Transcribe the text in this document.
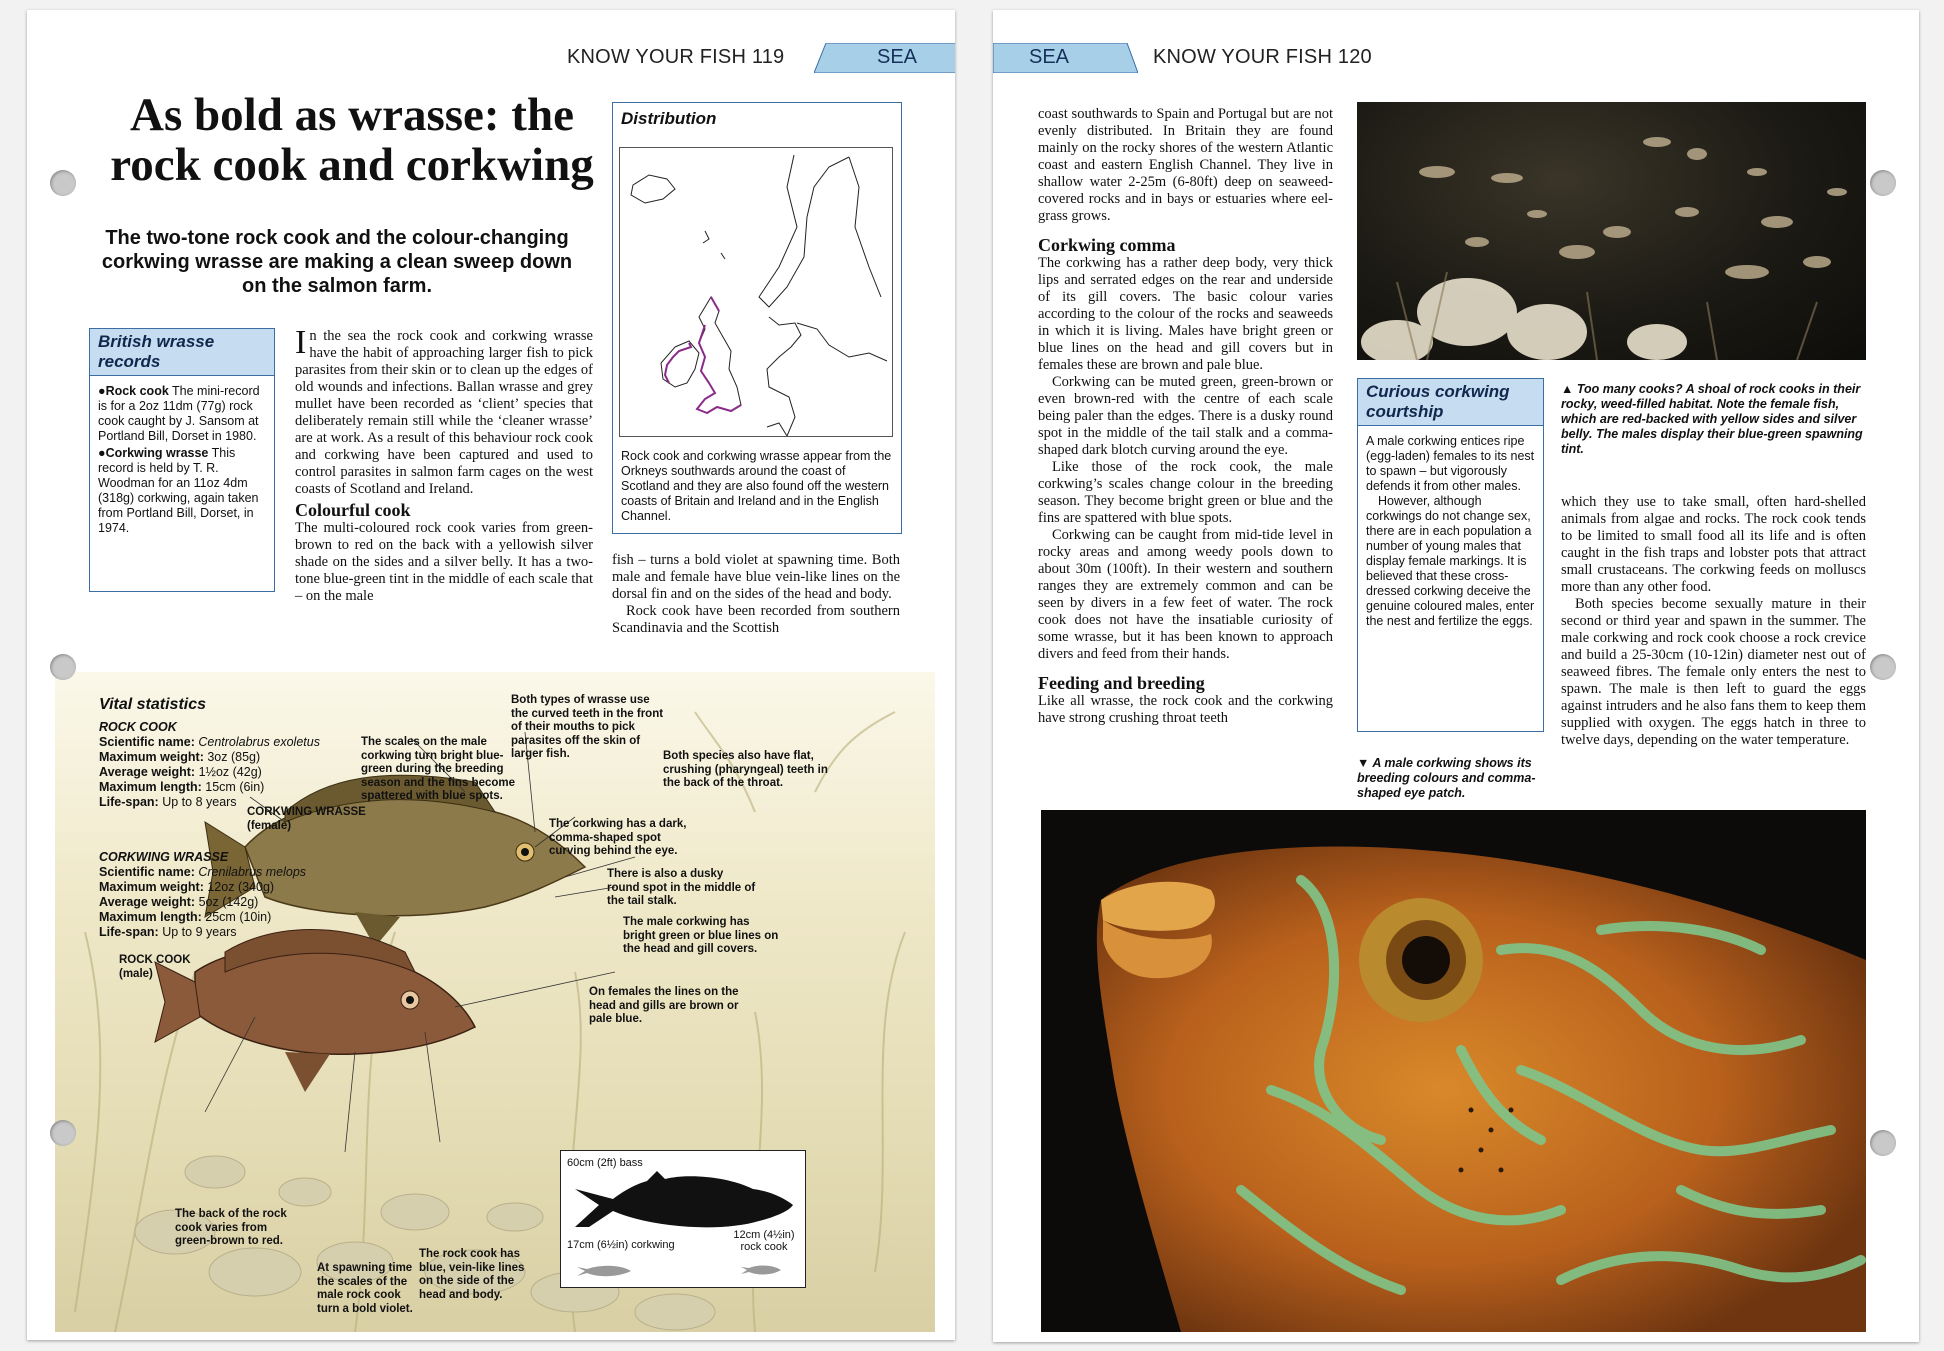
KNOW YOUR FISH 119	SEA
As bold as wrasse: the rock cook and corkwing
The two-tone rock cook and the colour-changing corkwing wrasse are making a clean sweep down on the salmon farm.
British wrasse records
●Rock cook The mini-record is for a 2oz 11dm (77g) rock cook caught by J. Sansom at Portland Bill, Dorset in 1980.
●Corkwing wrasse This record is held by T. R. Woodman for an 11oz 4dm (318g) corkwing, again taken from Portland Bill, Dorset, in 1974.
Distribution
Rock cook and corkwing wrasse appear from the Orkneys southwards around the coast of Scotland and they are also found off the western coasts of Britain and Ireland and in the English Channel.

In the sea the rock cook and corkwing wrasse have the habit of approaching larger fish to pick parasites from their skin or to clean up the edges of old wounds and infections. Ballan wrasse and grey mullet have been recorded as ‘client’ species that deliberately remain still while the ‘cleaner wrasse’ are at work. As a result of this behaviour rock cook and corkwing have been captured and used to control parasites in salmon farm cages on the west coasts of Scotland and Ireland.

Colourful cook

The multi-coloured rock cook varies from green-brown to red on the back with a yellowish silver shade on the sides and a silver belly. It has a two-tone blue-green tint in the middle of each scale that – on the male

fish – turns a bold violet at spawning time. Both male and female have blue vein-like lines on the dorsal fin and on the sides of the head and body.

Rock cook have been recorded from southern Scandinavia and the Scottish

Vital statistics
ROCK COOK
Scientific name: Centrolabrus exoletus
Maximum weight: 3oz (85g)
Average weight: 1½oz (42g)
Maximum length: 15cm (6in)
Life-span: Up to 8 years
CORKWING WRASSE
Scientific name: Crenilabrus melops
Maximum weight: 12oz (340g)
Average weight: 5oz (142g)
Maximum length: 25cm (10in)
Life-span: Up to 9 years
The scales on the male corkwing turn bright blue-green during the breeding season and the fins become spattered with blue spots.
Both types of wrasse use the curved teeth in the front of their mouths to pick parasites off the skin of larger fish.	Both species also have flat, crushing (pharyngeal) teeth in the back of the throat.
CORKWING WRASSE (female)	The corkwing has a dark, comma-shaped spot curving behind the eye.
There is also a dusky round spot in the middle of the tail stalk.
The male corkwing has bright green or blue lines on the head and gill covers.
On females the lines on the head and gills are brown or pale blue.
ROCK COOK (male)
The back of the rock cook varies from green-brown to red.
At spawning time the scales of the male rock cook turn a bold violet.
The rock cook has blue, vein-like lines on the side of the head and body.
60cm (2ft) bass
17cm (6½in) corkwing
12cm (4½in) rock cook
SEA	KNOW YOUR FISH 120

coast southwards to Spain and Portugal but are not evenly distributed. In Britain they are found mainly on the rocky shores of the western Atlantic coast and eastern English Channel. They live in shallow water 2-25m (6-80ft) deep on seaweed-covered rocks and in bays or estuaries where eel-grass grows.

Corkwing comma

The corkwing has a rather deep body, very thick lips and serrated edges on the rear and underside of its gill covers. The basic colour varies according to the colour of the rocks and seaweeds in which it is living. Males have bright green or blue lines on the head and gill covers but in females these are brown and pale blue.

Corkwing can be muted green, green-brown or even brown-red with the centre of each scale being paler than the edges. There is a dusky round spot in the middle of the tail stalk and a comma-shaped dark blotch curving around the eye.

Like those of the rock cook, the male corkwing’s scales change colour in the breeding season. They become bright green or blue and the fins are spattered with blue spots.

Corkwing can be caught from mid-tide level in rocky areas and among weedy pools down to about 30m (100ft). In their western and southern ranges they are extremely common and can be seen by divers in a few feet of water. The rock cook does not have the insatiable curiosity of some wrasse, but it has been known to approach divers and feed from their hands.

Feeding and breeding

Like all wrasse, the rock cook and the corkwing have strong crushing throat teeth

Curious corkwing courtship
A male corkwing entices ripe (egg-laden) females to its nest to spawn – but vigorously defends it from other males.
However, although corkwings do not change sex, there are in each population a number of young males that display female markings. It is believed that these cross-dressed corkwing deceive the genuine coloured males, enter the nest and fertilize the eggs.
▼ A male corkwing shows its breeding colours and comma-shaped eye patch.
▲ Too many cooks? A shoal of rock cooks in their rocky, weed-filled habitat. Note the female fish, which are red-backed with yellow sides and silver belly. The males display their blue-green spawning tint.

which they use to take small, often hard-shelled animals from algae and rocks. The rock cook tends to be limited to small food all its life and is often caught in the fish traps and lobster pots that attract small crustaceans. The corkwing feeds on molluscs more than any other food.

Both species become sexually mature in their second or third year and spawn in the summer. The male corkwing and rock cook choose a rock crevice and build a 25-30cm (10-12in) diameter nest out of seaweed fibres. The female only enters the nest to spawn. The male is then left to guard the eggs against intruders and he also fans them to keep them supplied with oxygen. The eggs hatch in three to twelve days, depending on the water temperature.
